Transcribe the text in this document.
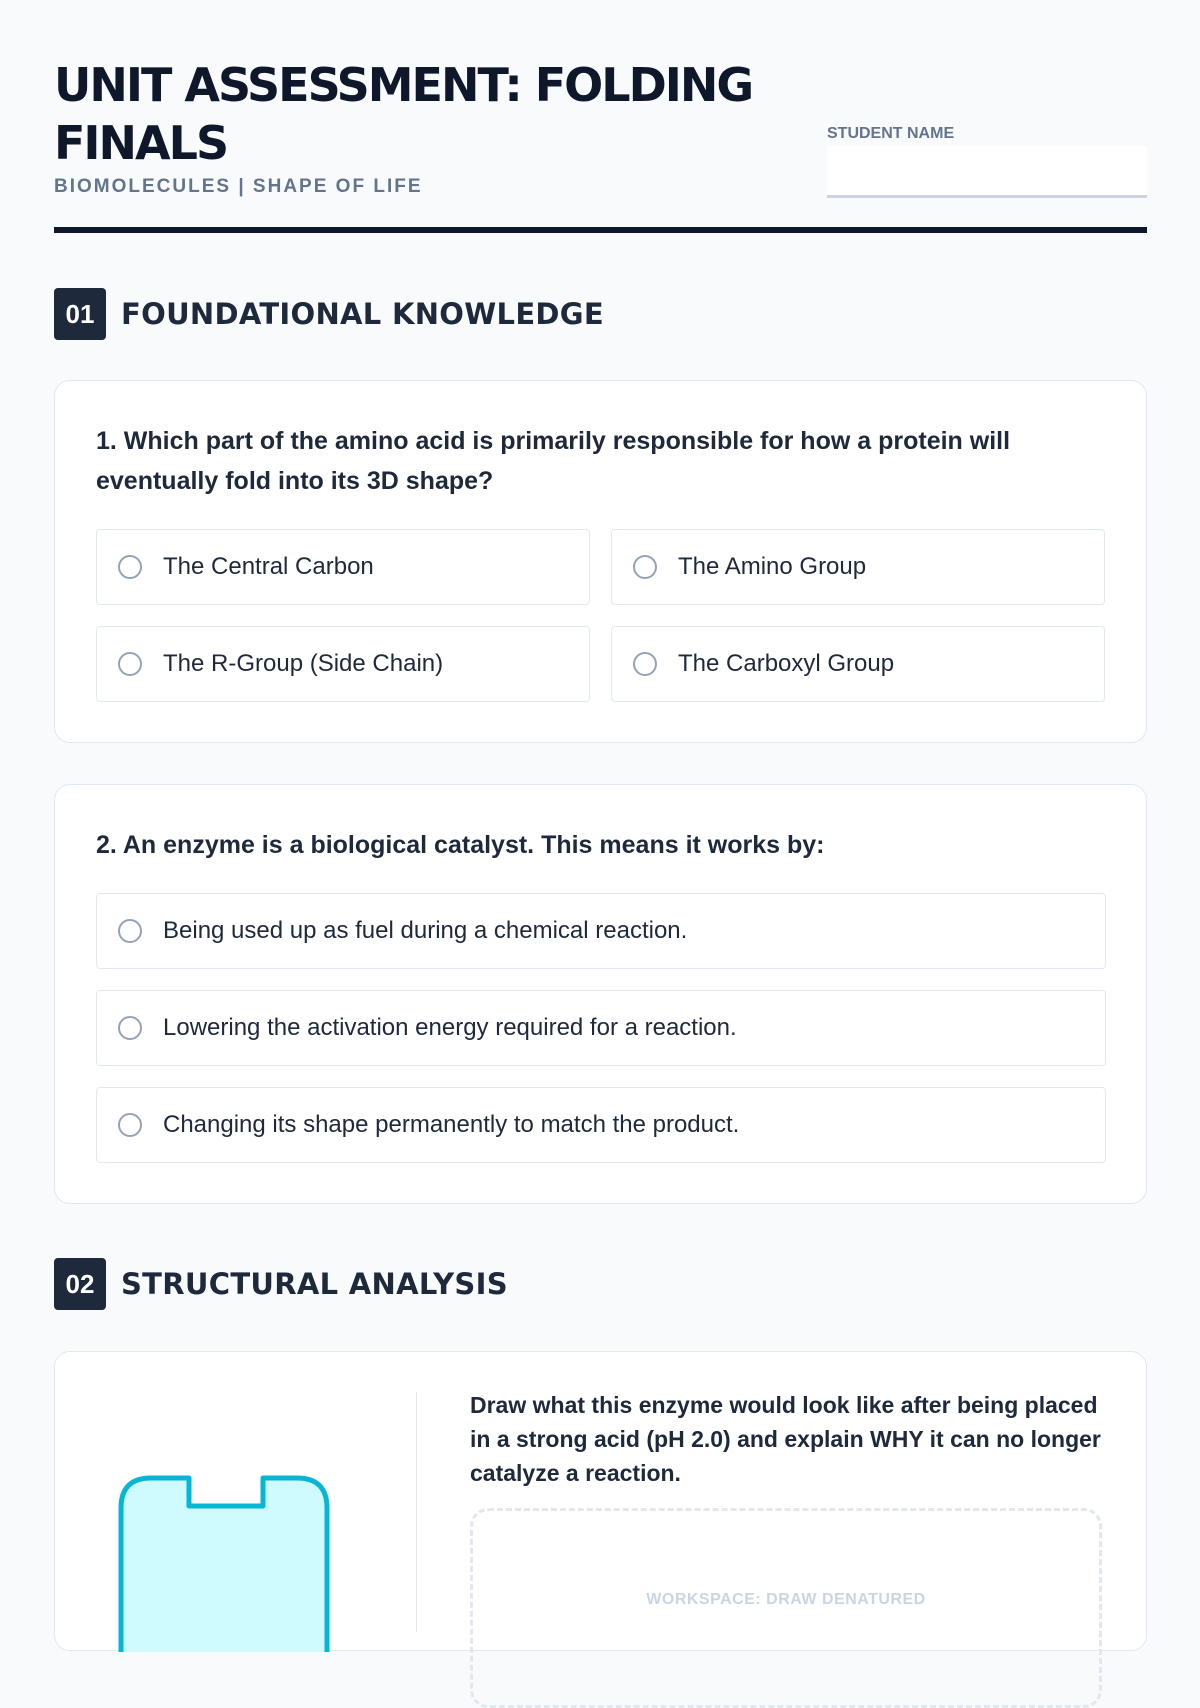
UNIT ASSESSMENT: FOLDING FINALS
BIOMOLECULES | SHAPE OF LIFE
STUDENT NAME
01 FOUNDATIONAL KNOWLEDGE
1. Which part of the amino acid is primarily responsible for how a protein will eventually fold into its 3D shape?
The Central Carbon	The Amino Group
The R-Group (Side Chain)	The Carboxyl Group
2. An enzyme is a biological catalyst. This means it works by:
Being used up as fuel during a chemical reaction.
Lowering the activation energy required for a reaction.
Changing its shape permanently to match the product.
02 STRUCTURAL ANALYSIS
Draw what this enzyme would look like after being placed in a strong acid (pH 2.0) and explain WHY it can no longer catalyze a reaction.
WORKSPACE: DRAW DENATURED
